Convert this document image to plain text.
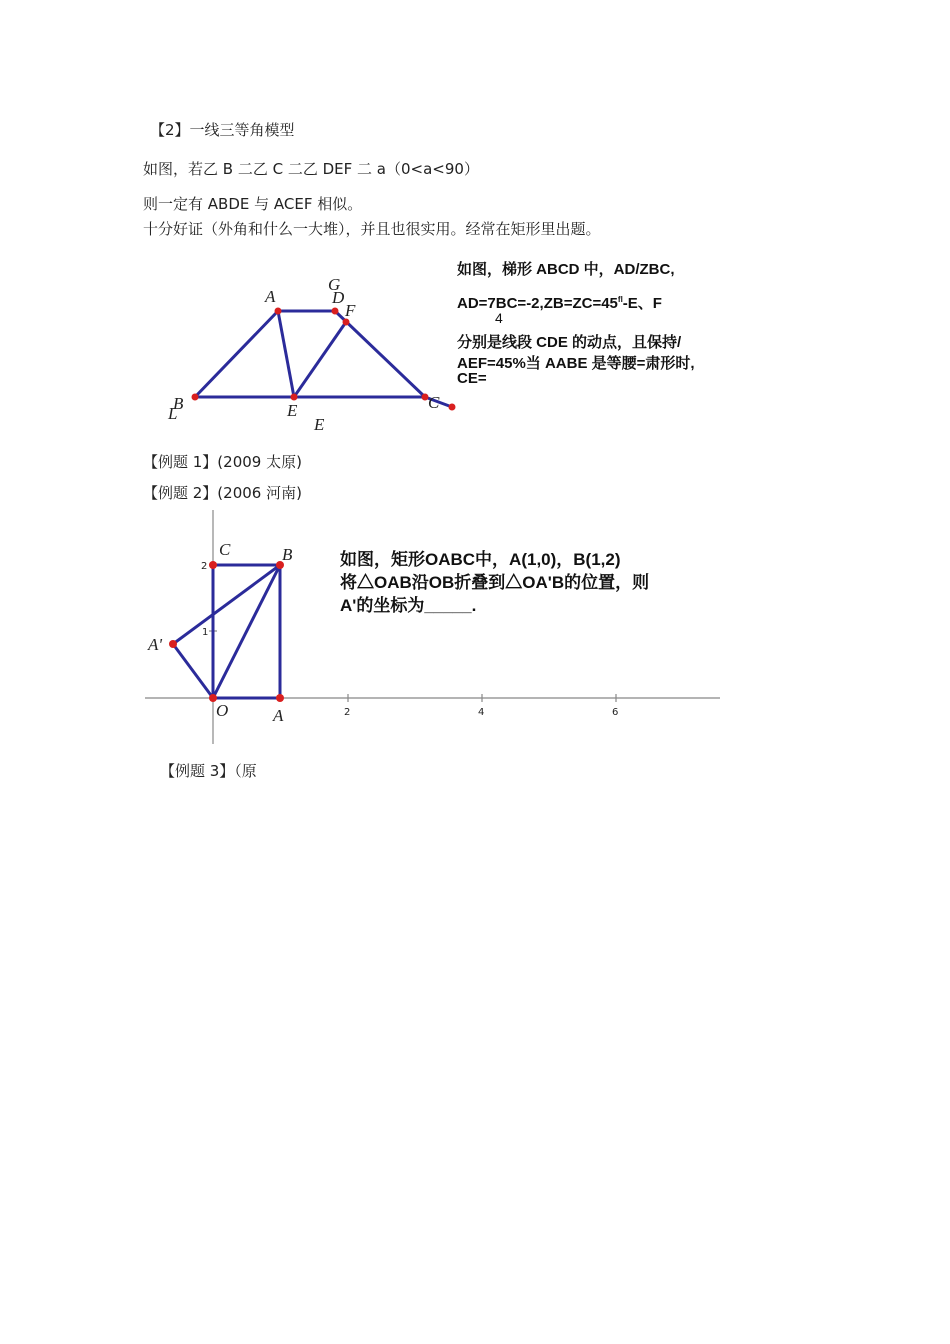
【2】一线三等角模型
如图，若乙 B 二乙 C 二乙 DEF 二 a（0<a<90）
则一定有 ABDE 与 ACEF 相似。
十分好证（外角和什么一大堆），并且也很实用。经常在矩形里出题。
A
G
D
F
B
L	E
E
C
如图，梯形 ABCD 中，AD/ZBC,
$AD=7BC=-2,ZB=ZC=45^{fl}-E$、F
4
分别是线段 CDE 的动点，且保持/
AEF=45%当 AABE 是等腰=肃形时,
CE=
【例题 1】(2009 太原)
【例题 2】(2006 河南)
C	B
A'
O	A
2
1
2	4	6
如图，矩形OABC中，A(1,0)，B(1,2)
将△OAB沿OB折叠到△OA'B的位置，则
A'的坐标为_____.
【例题 3】（原
